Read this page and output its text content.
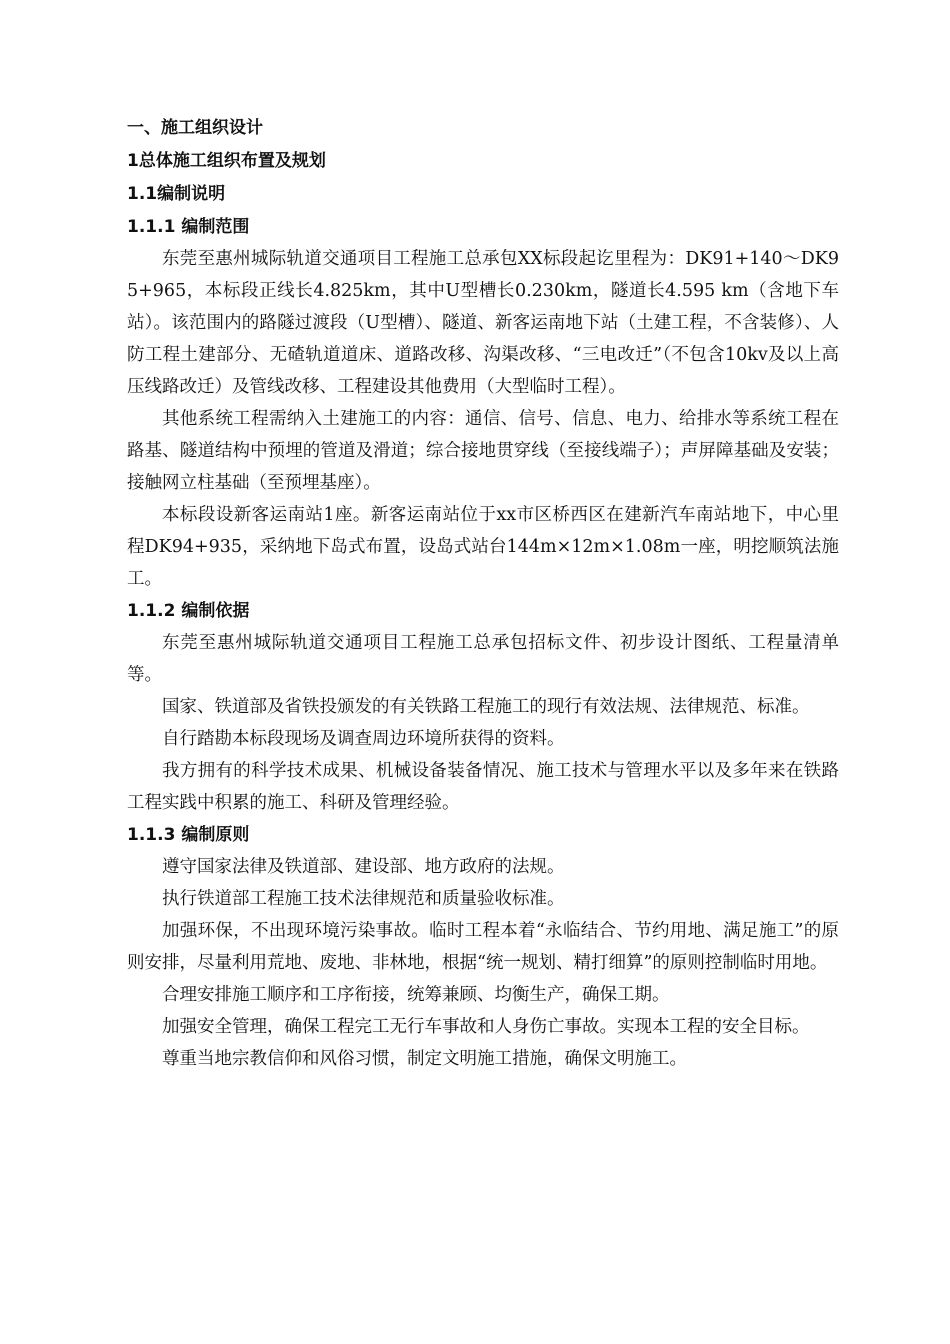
一、施工组织设计
1总体施工组织布置及规划
1.1编制说明
1.1.1 编制范围
东莞至惠州城际轨道交通项目工程施工总承包XX标段起讫里程为：DK91+140～DK95+965，本标段正线长4.825km，其中U型槽长0.230km，隧道长4.595 km（含地下车站）。该范围内的路隧过渡段（U型槽）、隧道、新客运南地下站（土建工程，不含装修）、人防工程土建部分、无碴轨道道床、道路改移、沟渠改移、“三电改迁”（不包含10kv及以上高压线路改迁）及管线改移、工程建设其他费用（大型临时工程）。
其他系统工程需纳入土建施工的内容：通信、信号、信息、电力、给排水等系统工程在路基、隧道结构中预埋的管道及滑道；综合接地贯穿线（至接线端子）；声屏障基础及安装；接触网立柱基础（至预埋基座）。
本标段设新客运南站1座。新客运南站位于xx市区桥西区在建新汽车南站地下，中心里程DK94+935，采纳地下岛式布置，设岛式站台144m×12m×1.08m一座，明挖顺筑法施工。
1.1.2 编制依据
东莞至惠州城际轨道交通项目工程施工总承包招标文件、初步设计图纸、工程量清单等。
国家、铁道部及省铁投颁发的有关铁路工程施工的现行有效法规、法律规范、标准。
自行踏勘本标段现场及调查周边环境所获得的资料。
我方拥有的科学技术成果、机械设备装备情况、施工技术与管理水平以及多年来在铁路工程实践中积累的施工、科研及管理经验。
1.1.3 编制原则
遵守国家法律及铁道部、建设部、地方政府的法规。
执行铁道部工程施工技术法律规范和质量验收标准。
加强环保，不出现环境污染事故。临时工程本着“永临结合、节约用地、满足施工”的原则安排，尽量利用荒地、废地、非林地，根据“统一规划、精打细算”的原则控制临时用地。
合理安排施工顺序和工序衔接，统筹兼顾、均衡生产，确保工期。
加强安全管理，确保工程完工无行车事故和人身伤亡事故。实现本工程的安全目标。
尊重当地宗教信仰和风俗习惯，制定文明施工措施，确保文明施工。
